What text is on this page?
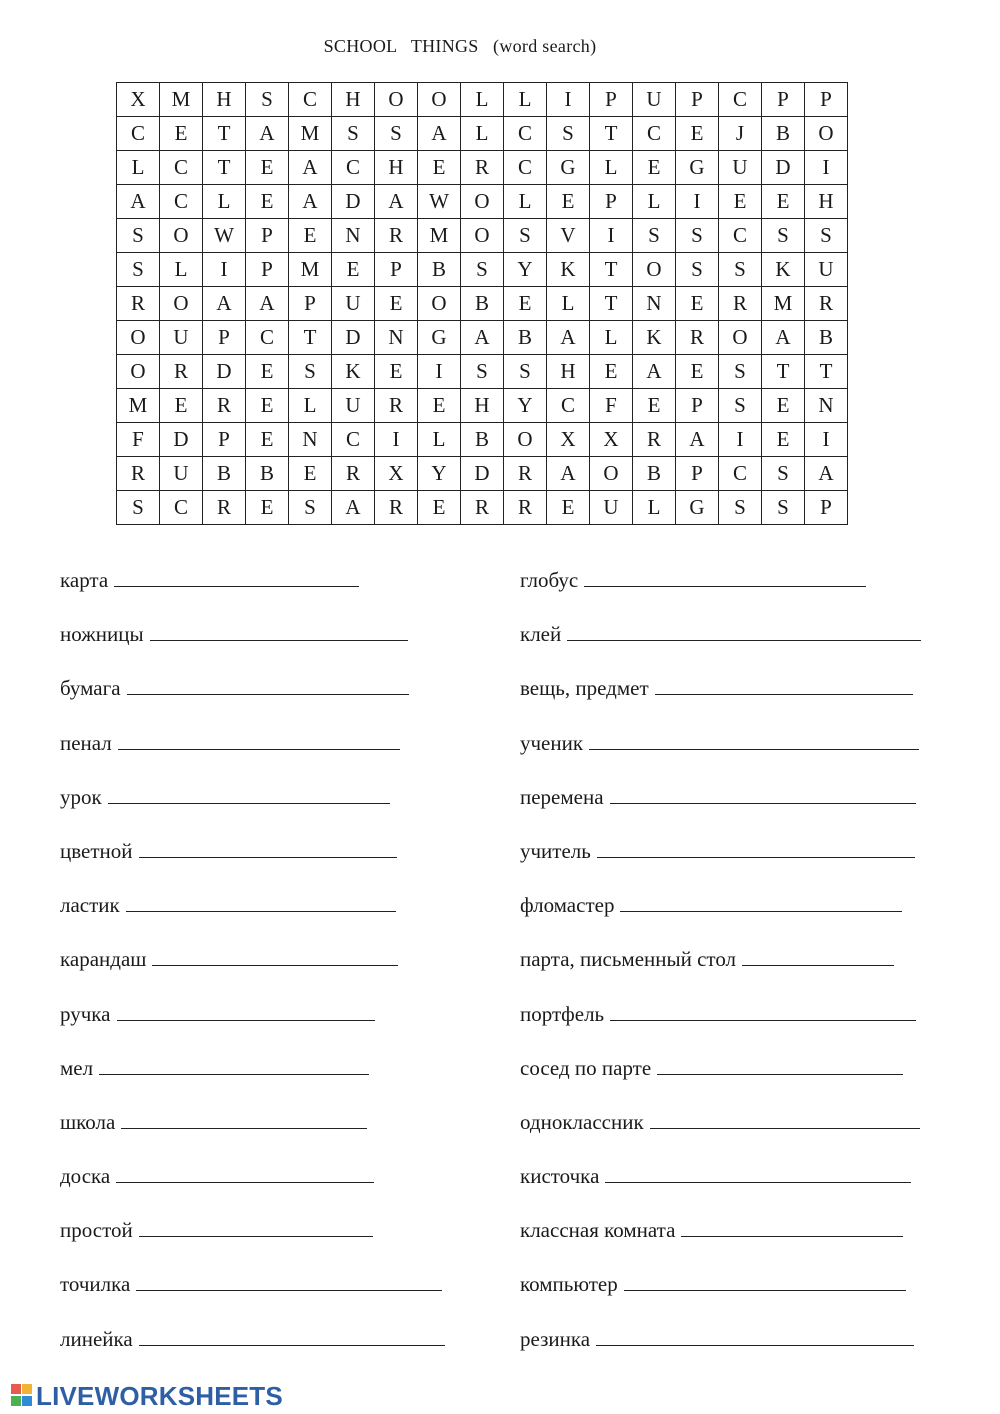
SCHOOL   THINGS   (word search)
X	M	H	S	C	H	O	O	L	L	I	P	U	P	C	P	P
C	E	T	A	M	S	S	A	L	C	S	T	C	E	J	B	O
L	C	T	E	A	C	H	E	R	C	G	L	E	G	U	D	I
A	C	L	E	A	D	A	W	O	L	E	P	L	I	E	E	H
S	O	W	P	E	N	R	M	O	S	V	I	S	S	C	S	S
S	L	I	P	M	E	P	B	S	Y	K	T	O	S	S	K	U
R	O	A	A	P	U	E	O	B	E	L	T	N	E	R	M	R
O	U	P	C	T	D	N	G	A	B	A	L	K	R	O	A	B
O	R	D	E	S	K	E	I	S	S	H	E	A	E	S	T	T
M	E	R	E	L	U	R	E	H	Y	C	F	E	P	S	E	N
F	D	P	E	N	C	I	L	B	O	X	X	R	A	I	E	I
R	U	B	B	E	R	X	Y	D	R	A	O	B	P	C	S	A
S	C	R	E	S	A	R	E	R	R	E	U	L	G	S	S	P
карта
ножницы
бумага
пенал
урок
цветной
ластик
карандаш
ручка
мел
школа
доска
простой
точилка
линейка
глобус
клей
вещь, предмет
ученик
перемена
учитель
фломастер
парта, письменный стол
портфель
сосед по парте
одноклассник
кисточка
классная комната
компьютер
резинка
LIVEWORKSHEETS
